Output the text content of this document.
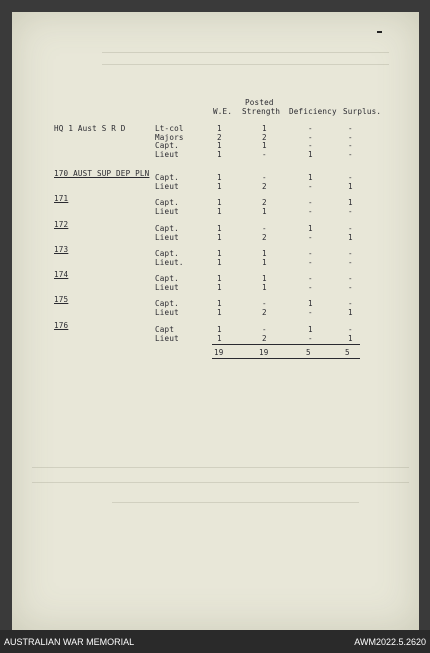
Posted
W.E. Strength Deficiency Surplus.
HQ 1 Aust S R D	Lt-col	1	1	-	-
Majors	2	2	-	-
Capt.	1	1	-	-
Lieut	1	-	1	-
170 AUST SUP DEP PLN Capt.	1	-	1	-
Lieut	1	2	-	1
171	Capt.	1	2	-	1
Lieut	1	1	-	-
172	Capt.	1	-	1	-
Lieut	1	2	-	1
173	Capt.	1	1	-	-
Lieut.	1	1	-	-
174	Capt.	1	1	-	-
Lieut	1	1	-	-
175	Capt.	1	-	1	-
Lieut	1	2	-	1
176	Capt	1	-	1	-
Lieut	1	2	-	1
19	19	5	5
AUSTRALIAN WAR MEMORIAL	AWM2022.5.2620
